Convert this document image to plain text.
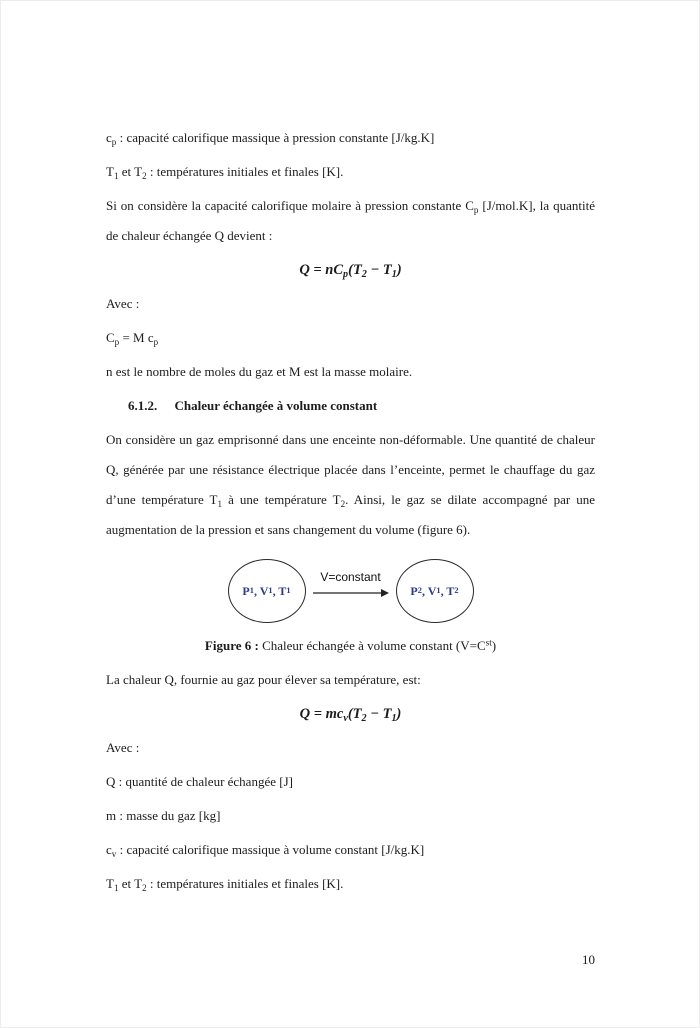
$c_p$ : capacité calorifique massique à pression constante [J/kg.K]

$T_1$ et $T_2$ : températures initiales et finales [K].

Si on considère la capacité calorifique molaire à pression constante $C_p$ [J/mol.K], la quantité de chaleur échangée Q devient :

$Q = nC_p(T_2 - T_1)$

Avec :

$C_p = M$ $c_p$

n est le nombre de moles du gaz et M est la masse molaire.

6.1.2. Chaleur échangée à volume constant

On considère un gaz emprisonné dans une enceinte non-déformable. Une quantité de chaleur Q, générée par une résistance électrique placée dans l’enceinte, permet le chauffage du gaz d’une température $T_1$ à une température $T_2$. Ainsi, le gaz se dilate accompagné par une augmentation de la pression et sans changement du volume (figure 6).

P 1 , V 1 , T 1
V=constant
P 2 , V 1 , T 2

Figure 6 : Chaleur échangée à volume constant (V=Cst)

La chaleur Q, fournie au gaz pour élever sa température, est:

$Q = mc_v(T_2 - T_1)$

Avec :

Q : quantité de chaleur échangée [J]

m : masse du gaz [kg]

$c_v$ : capacité calorifique massique à volume constant [J/kg.K]

$T_1$ et $T_2$ : températures initiales et finales [K].

10
